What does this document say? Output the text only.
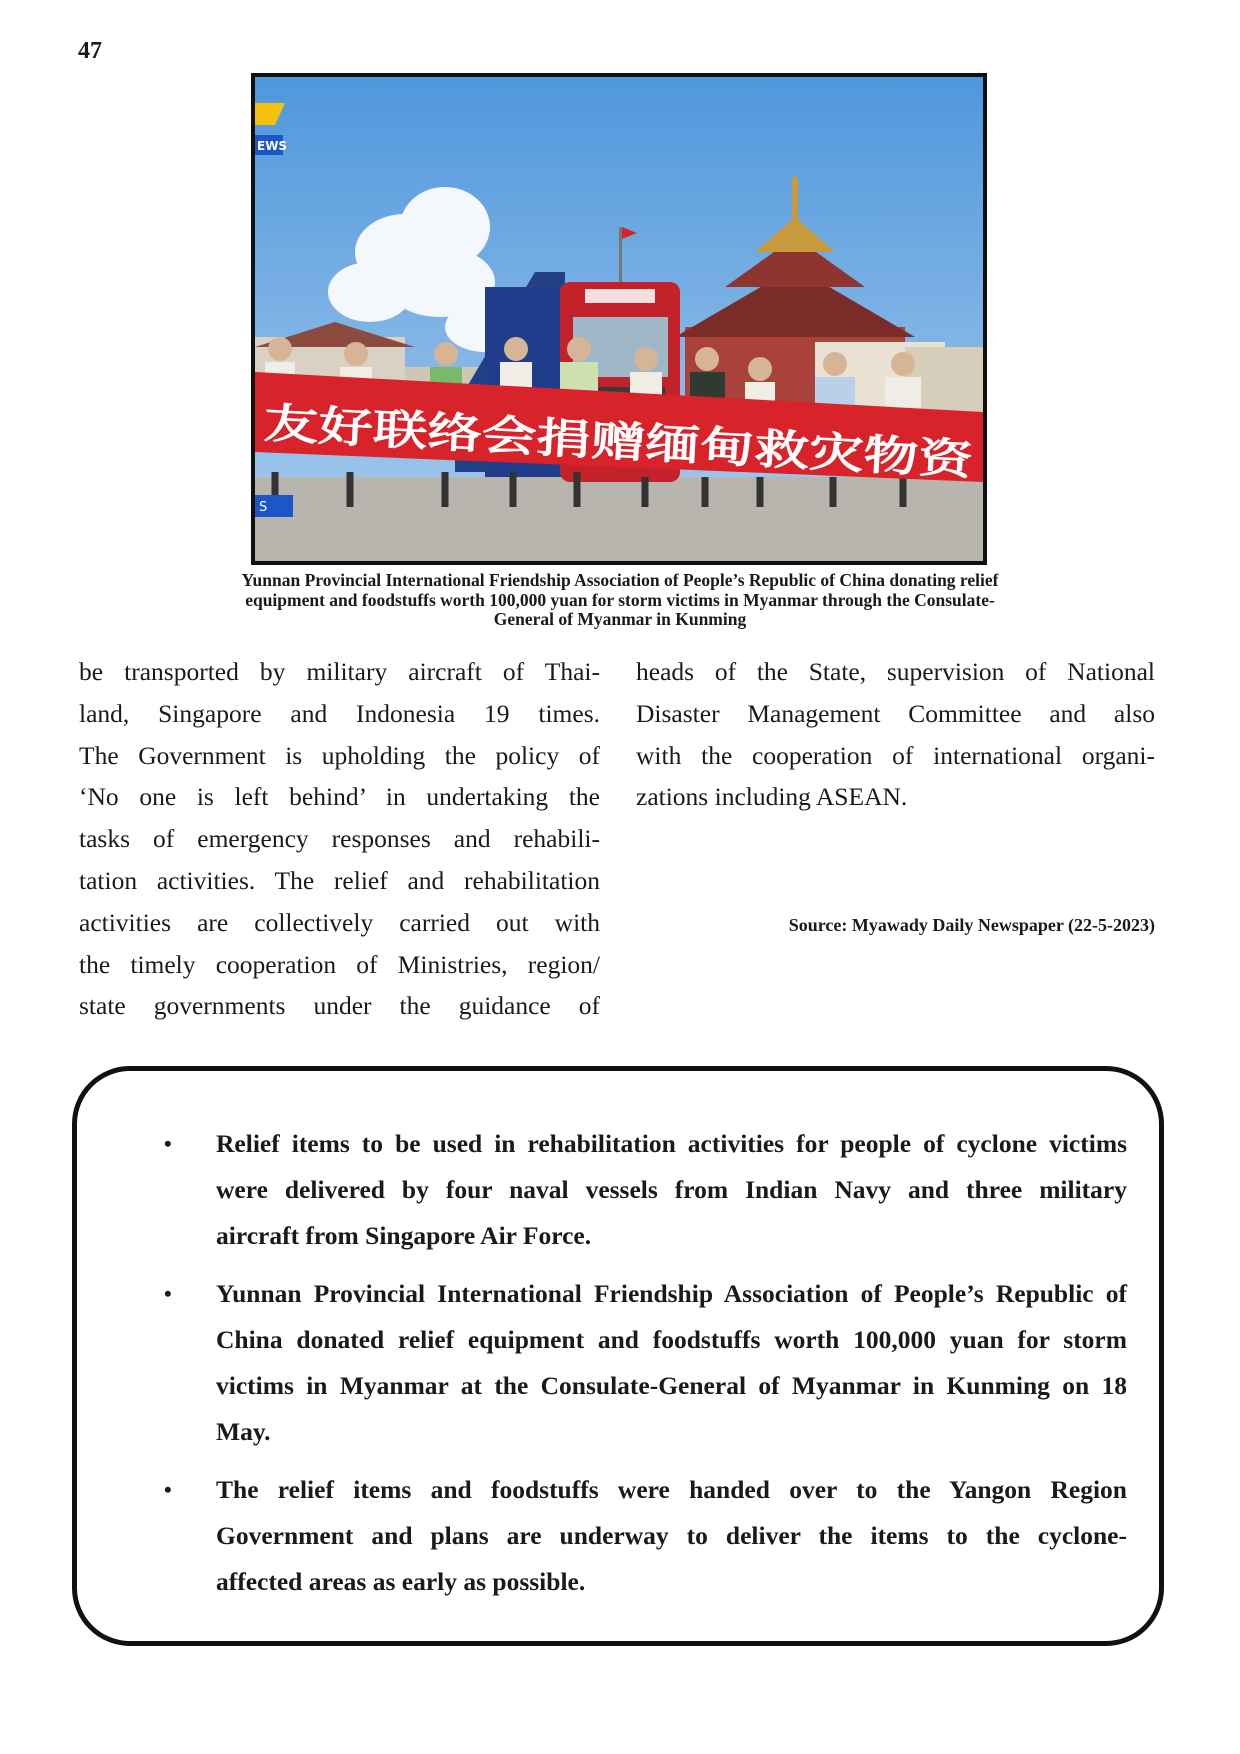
47
友好联络会捐赠缅甸救灾物资
EWS
S
Yunnan Provincial International Friendship Association of People’s Republic of China donating relief
equipment and foodstuffs worth 100,000 yuan for storm victims in Myanmar through the Consulate-
General of Myanmar in Kunming
be transported by military aircraft of Thai-
land, Singapore and Indonesia 19 times.
The Government is upholding the policy of
‘No one is left behind’ in undertaking the
tasks of emergency responses and rehabili-
tation activities. The relief and rehabilitation
activities are collectively carried out with
the timely cooperation of Ministries, region/
state governments under the guidance of
heads of the State, supervision of National
Disaster Management Committee and also
with the cooperation of international organi-
zations including ASEAN.
Source: Myawady Daily Newspaper (22-5-2023)
• Relief items to be used in rehabilitation activities for people of cyclone victims
were delivered by four naval vessels from Indian Navy and three military
aircraft from Singapore Air Force.
• Yunnan Provincial International Friendship Association of People’s Republic of
China donated relief equipment and foodstuffs worth 100,000 yuan for storm
victims in Myanmar at the Consulate-General of Myanmar in Kunming on 18
May.
• The relief items and foodstuffs were handed over to the Yangon Region
Government and plans are underway to deliver the items to the cyclone-
affected areas as early as possible.
